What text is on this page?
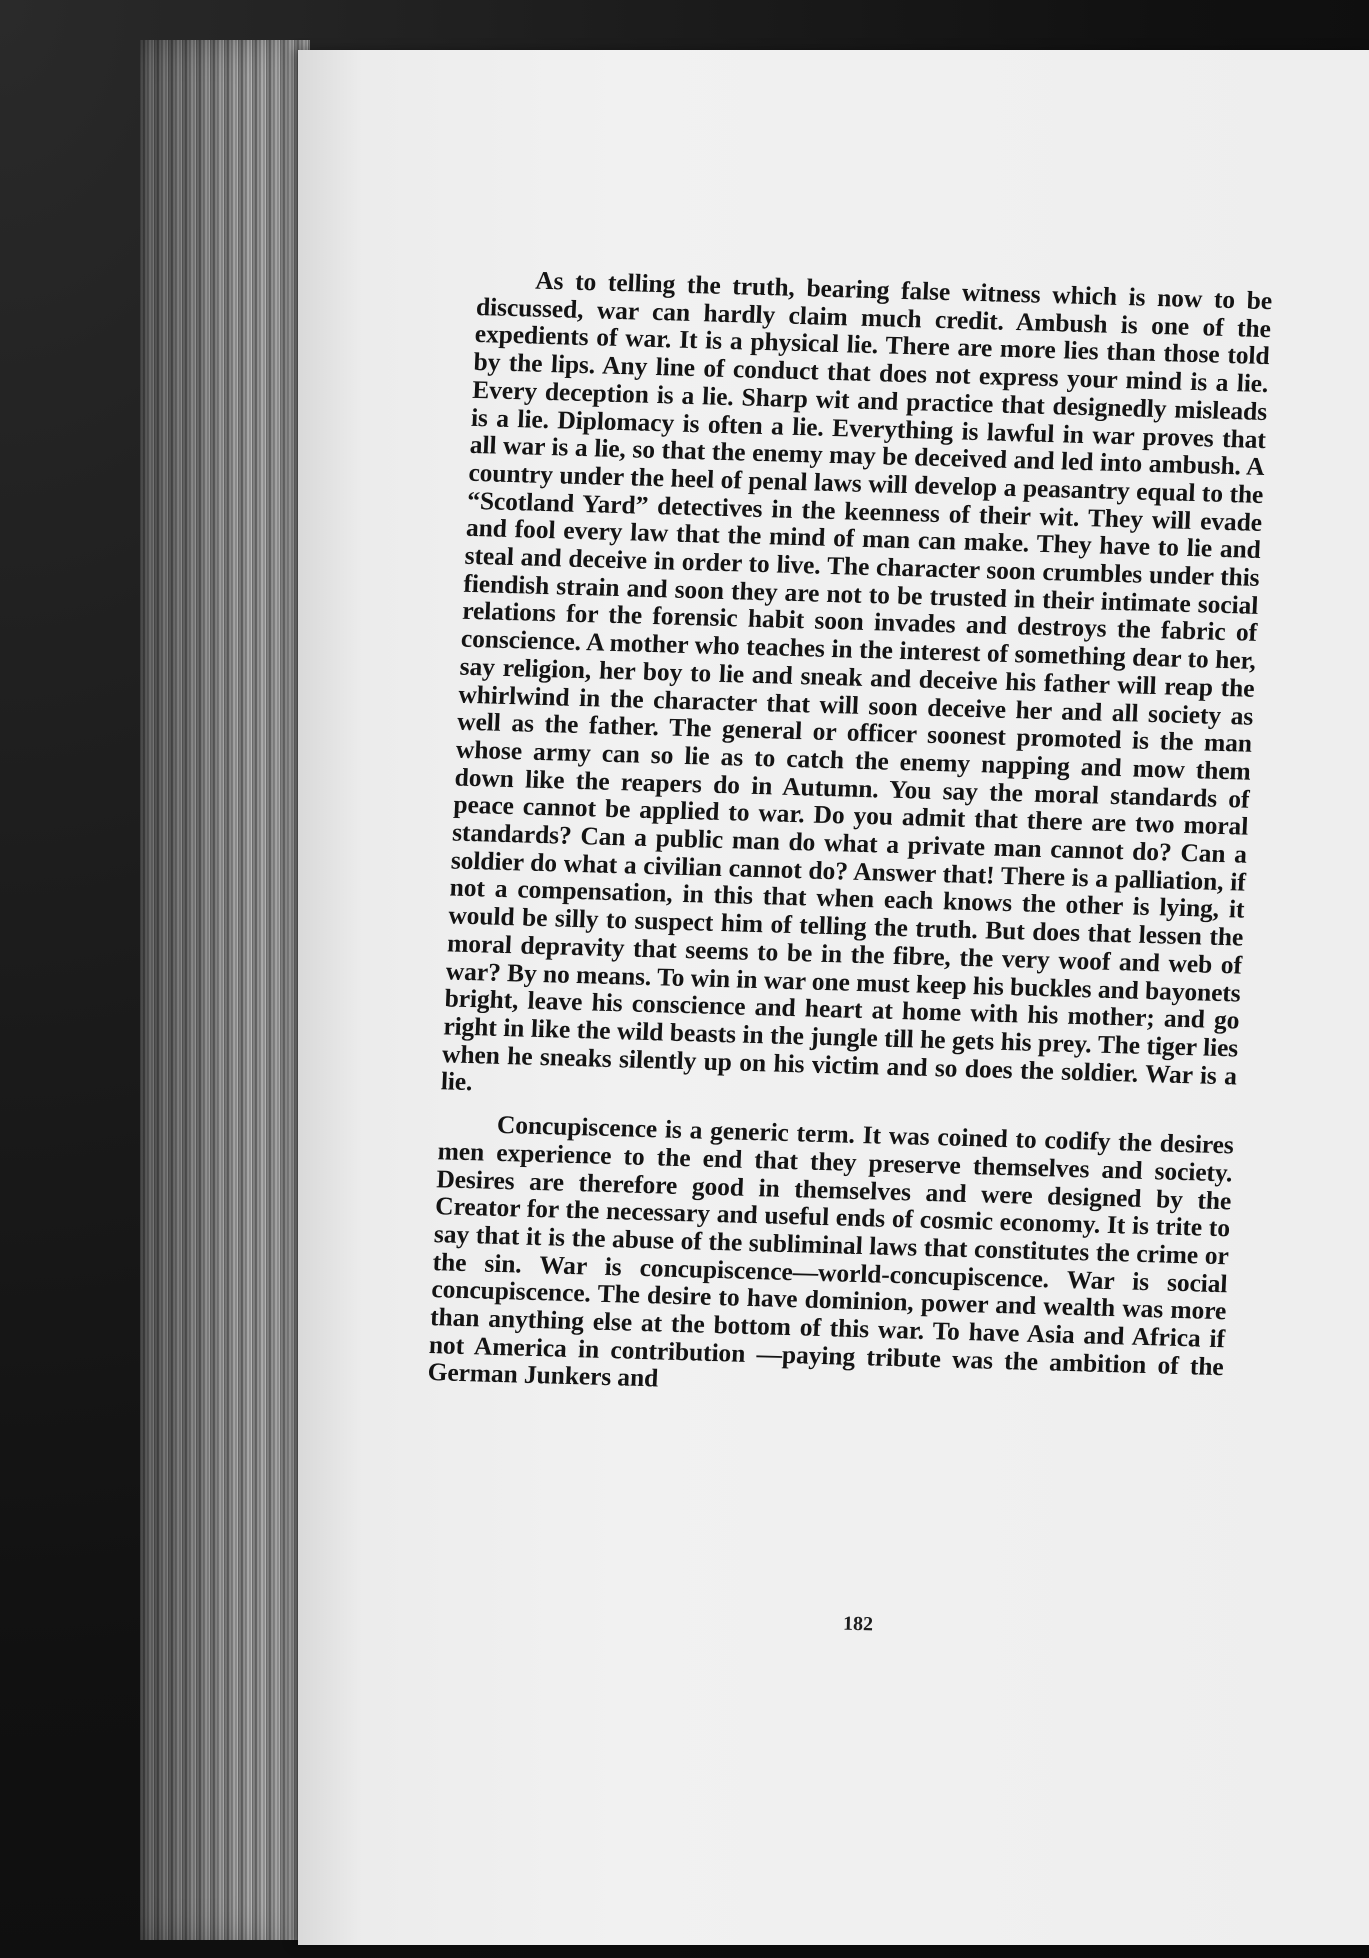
As to telling the truth, bearing false witness which is now to be discussed, war can hardly claim much credit. Ambush is one of the expedients of war. It is a physical lie. There are more lies than those told by the lips. Any line of conduct that does not express your mind is a lie. Every deception is a lie. Sharp wit and practice that designedly misleads is a lie. Diplomacy is often a lie. Everything is lawful in war proves that all war is a lie, so that the enemy may be deceived and led into ambush. A country under the heel of penal laws will develop a peasantry equal to the “Scotland Yard” detectives in the keenness of their wit. They will evade and fool every law that the mind of man can make. They have to lie and steal and deceive in order to live. The character soon crumbles under this fiendish strain and soon they are not to be trusted in their intimate social relations for the forensic habit soon invades and destroys the fabric of conscience. A mother who teaches in the interest of something dear to her, say religion, her boy to lie and sneak and deceive his father will reap the whirlwind in the character that will soon deceive her and all society as well as the father. The general or officer soonest promoted is the man whose army can so lie as to catch the enemy napping and mow them down like the reapers do in Autumn. You say the moral standards of peace cannot be applied to war. Do you admit that there are two moral standards? Can a public man do what a private man cannot do? Can a soldier do what a civilian cannot do? Answer that! There is a palliation, if not a compensation, in this that when each knows the other is lying, it would be silly to suspect him of telling the truth. But does that lessen the moral depravity that seems to be in the fibre, the very woof and web of war? By no means. To win in war one must keep his buckles and bayonets bright, leave his conscience and heart at home with his mother; and go right in like the wild beasts in the jungle till he gets his prey. The tiger lies when he sneaks silently up on his victim and so does the soldier. War is a lie.

Concupiscence is a generic term. It was coined to codify the desires men experience to the end that they preserve themselves and society. Desires are therefore good in themselves and were designed by the Creator for the necessary and useful ends of cosmic economy. It is trite to say that it is the abuse of the subliminal laws that constitutes the crime or the sin. War is concupiscence—world-concupiscence. War is social concupiscence. The desire to have dominion, power and wealth was more than anything else at the bottom of this war. To have Asia and Africa if not America in contribution —paying tribute was the ambition of the German Junkers and

182
